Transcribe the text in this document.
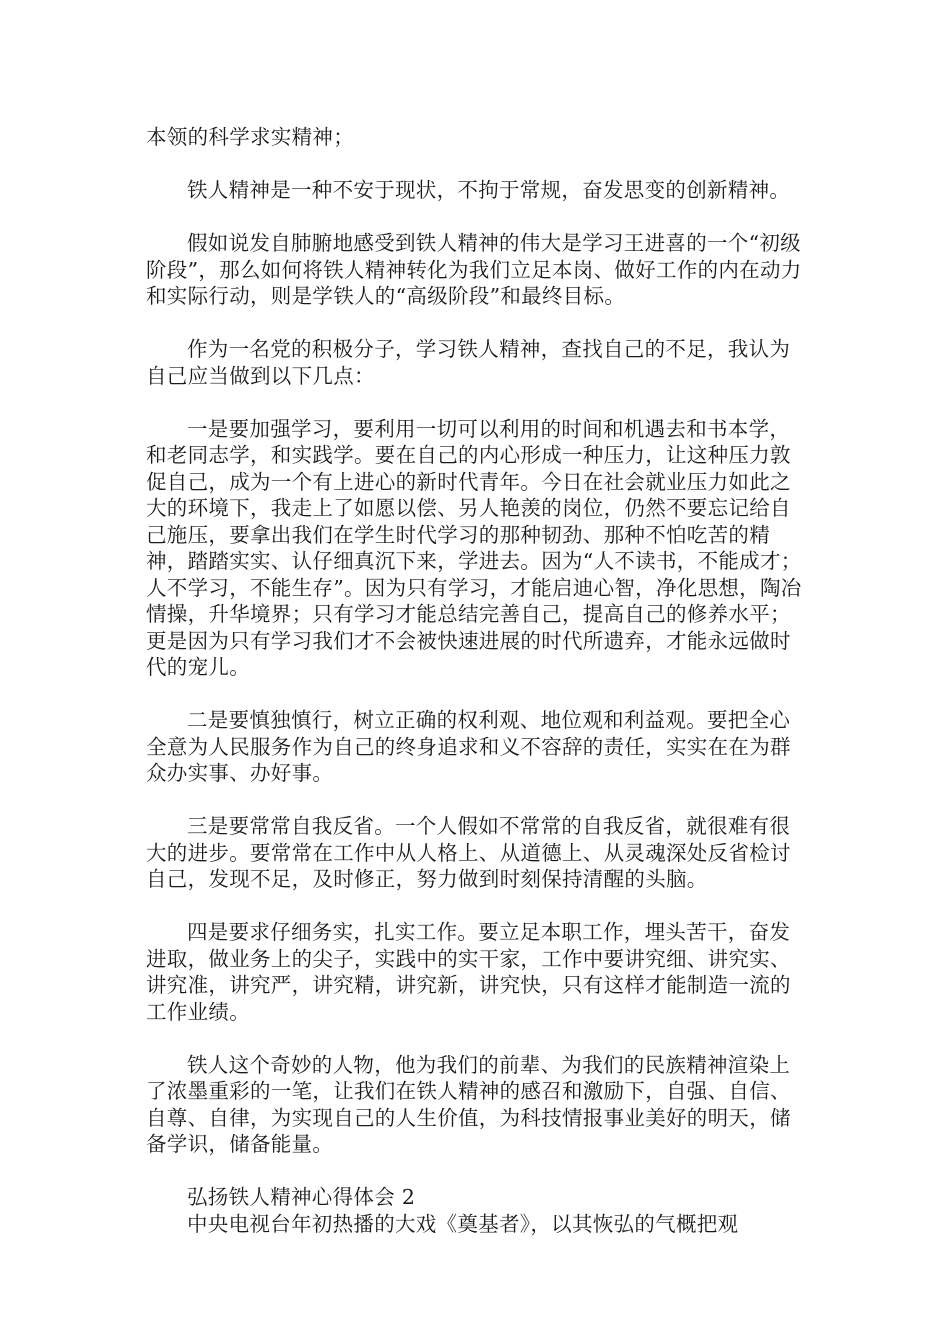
本领的科学求实精神；

铁人精神是一种不安于现状，不拘于常规，奋发思变的创新精神。

假如说发自肺腑地感受到铁人精神的伟大是学习王进喜的一个“初级阶段”，那么如何将铁人精神转化为我们立足本岗、做好工作的内在动力和实际行动，则是学铁人的“高级阶段”和最终目标。

作为一名党的积极分子，学习铁人精神，查找自己的不足，我认为自己应当做到以下几点：

一是要加强学习，要利用一切可以利用的时间和机遇去和书本学，和老同志学，和实践学。要在自己的内心形成一种压力，让这种压力敦促自己，成为一个有上进心的新时代青年。今日在社会就业压力如此之大的环境下，我走上了如愿以偿、另人艳羡的岗位，仍然不要忘记给自己施压，要拿出我们在学生时代学习的那种韧劲、那种不怕吃苦的精神，踏踏实实、认仔细真沉下来，学进去。因为“人不读书，不能成才；人不学习，不能生存”。因为只有学习，才能启迪心智，净化思想，陶冶情操，升华境界；只有学习才能总结完善自己，提高自己的修养水平；更是因为只有学习我们才不会被快速进展的时代所遗弃，才能永远做时代的宠儿。

二是要慎独慎行，树立正确的权利观、地位观和利益观。要把全心全意为人民服务作为自己的终身追求和义不容辞的责任，实实在在为群众办实事、办好事。

三是要常常自我反省。一个人假如不常常的自我反省，就很难有很大的进步。要常常在工作中从人格上、从道德上、从灵魂深处反省检讨自己，发现不足，及时修正，努力做到时刻保持清醒的头脑。

四是要求仔细务实，扎实工作。要立足本职工作，埋头苦干，奋发进取，做业务上的尖子，实践中的实干家，工作中要讲究细、讲究实、讲究准，讲究严，讲究精，讲究新，讲究快，只有这样才能制造一流的工作业绩。

铁人这个奇妙的人物，他为我们的前辈、为我们的民族精神渲染上了浓墨重彩的一笔，让我们在铁人精神的感召和激励下，自强、自信、自尊、自律，为实现自己的人生价值，为科技情报事业美好的明天，储备学识，储备能量。

弘扬铁人精神心得体会 2

中央电视台年初热播的大戏《奠基者》，以其恢弘的气概把观
